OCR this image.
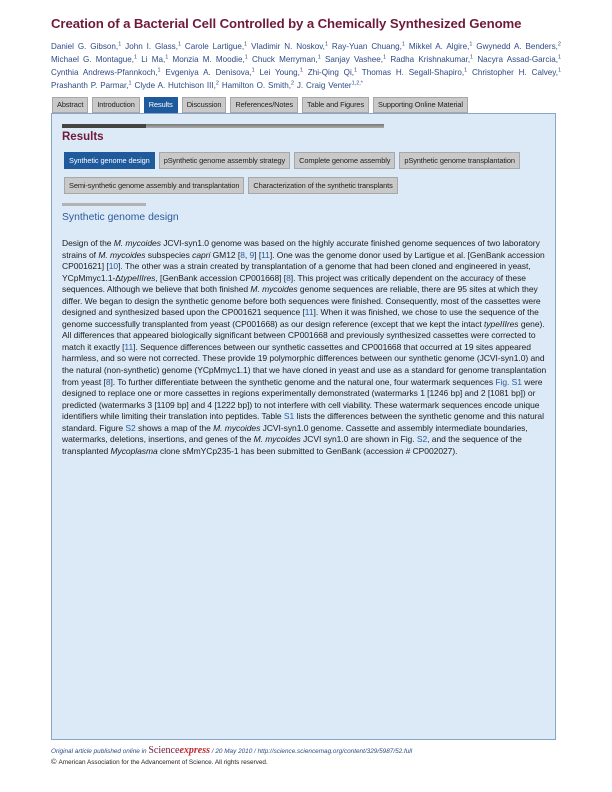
Creation of a Bacterial Cell Controlled by a Chemically Synthesized Genome
Daniel G. Gibson,$^1$ John I. Glass,$^1$ Carole Lartigue,$^1$ Vladimir N. Noskov,$^1$ Ray-Yuan Chuang,$^1$ Mikkel A. Algire,$^1$ Gwynedd A. Benders,$^2$ Michael G. Montague,$^1$ Li Ma,$^1$ Monzia M. Moodie,$^1$ Chuck Merryman,$^1$ Sanjay Vashee,$^1$ Radha Krishnakumar,$^1$ Nacyra Assad-Garcia,$^1$ Cynthia Andrews-Pfannkoch,$^1$ Evgeniya A. Denisova,$^1$ Lei Young,$^1$ Zhi-Qing Qi,$^1$ Thomas H. Segall-Shapiro,$^1$ Christopher H. Calvey,$^1$ Prashanth P. Parmar,$^1$ Clyde A. Hutchison III,$^2$ Hamilton O. Smith,$^2$ J. Craig Venter$^{1,2,*}$
Abstract	Introduction	Results	Discussion	References/Notes	Table and Figures	Supporting Online Material
Results
Synthetic genome design	pSynthetic genome assembly strategy	Complete genome assembly	pSynthetic genome transplantation
Semi-synthetic genome assembly and transplantation	Characterization of the synthetic transplants
Synthetic genome design
Design of the M. mycoides JCVI-syn1.0 genome was based on the highly accurate finished genome sequences of two laboratory strains of M. mycoides subspecies capri GM12 [8, 9] [11]. One was the genome donor used by Lartigue et al. [GenBank accession CP001621] [10]. The other was a strain created by transplantation of a genome that had been cloned and engineered in yeast, YCpMmyc1.1-ΔtypeIIIres, [GenBank accession CP001668] [8]. This project was critically dependent on the accuracy of these sequences. Although we believe that both finished M. mycoides genome sequences are reliable, there are 95 sites at which they differ. We began to design the synthetic genome before both sequences were finished. Consequently, most of the cassettes were designed and synthesized based upon the CP001621 sequence [11]. When it was finished, we chose to use the sequence of the genome successfully transplanted from yeast (CP001668) as our design reference (except that we kept the intact typeIIIres gene). All differences that appeared biologically significant between CP001668 and previously synthesized cassettes were corrected to match it exactly [11]. Sequence differences between our synthetic cassettes and CP001668 that occurred at 19 sites appeared harmless, and so were not corrected. These provide 19 polymorphic differences between our synthetic genome (JCVI-syn1.0) and the natural (non-synthetic) genome (YCpMmyc1.1) that we have cloned in yeast and use as a standard for genome transplantation from yeast [8]. To further differentiate between the synthetic genome and the natural one, four watermark sequences Fig. S1 were designed to replace one or more cassettes in regions experimentally demonstrated (watermarks 1 [1246 bp] and 2 [1081 bp]) or predicted (watermarks 3 [1109 bp] and 4 [1222 bp]) to not interfere with cell viability. These watermark sequences encode unique identifiers while limiting their translation into peptides. Table S1 lists the differences between the synthetic genome and this natural standard. Figure S2 shows a map of the M. mycoides JCVI-syn1.0 genome. Cassette and assembly intermediate boundaries, watermarks, deletions, insertions, and genes of the M. mycoides JCVI syn1.0 are shown in Fig. S2, and the sequence of the transplanted Mycoplasma clone sMmYCp235-1 has been submitted to GenBank (accession # CP002027).
Original article published online in Scienceexpress / 20 May 2010 / http://science.sciencemag.org/content/329/5987/52.full
© American Association for the Advancement of Science. All rights reserved.
